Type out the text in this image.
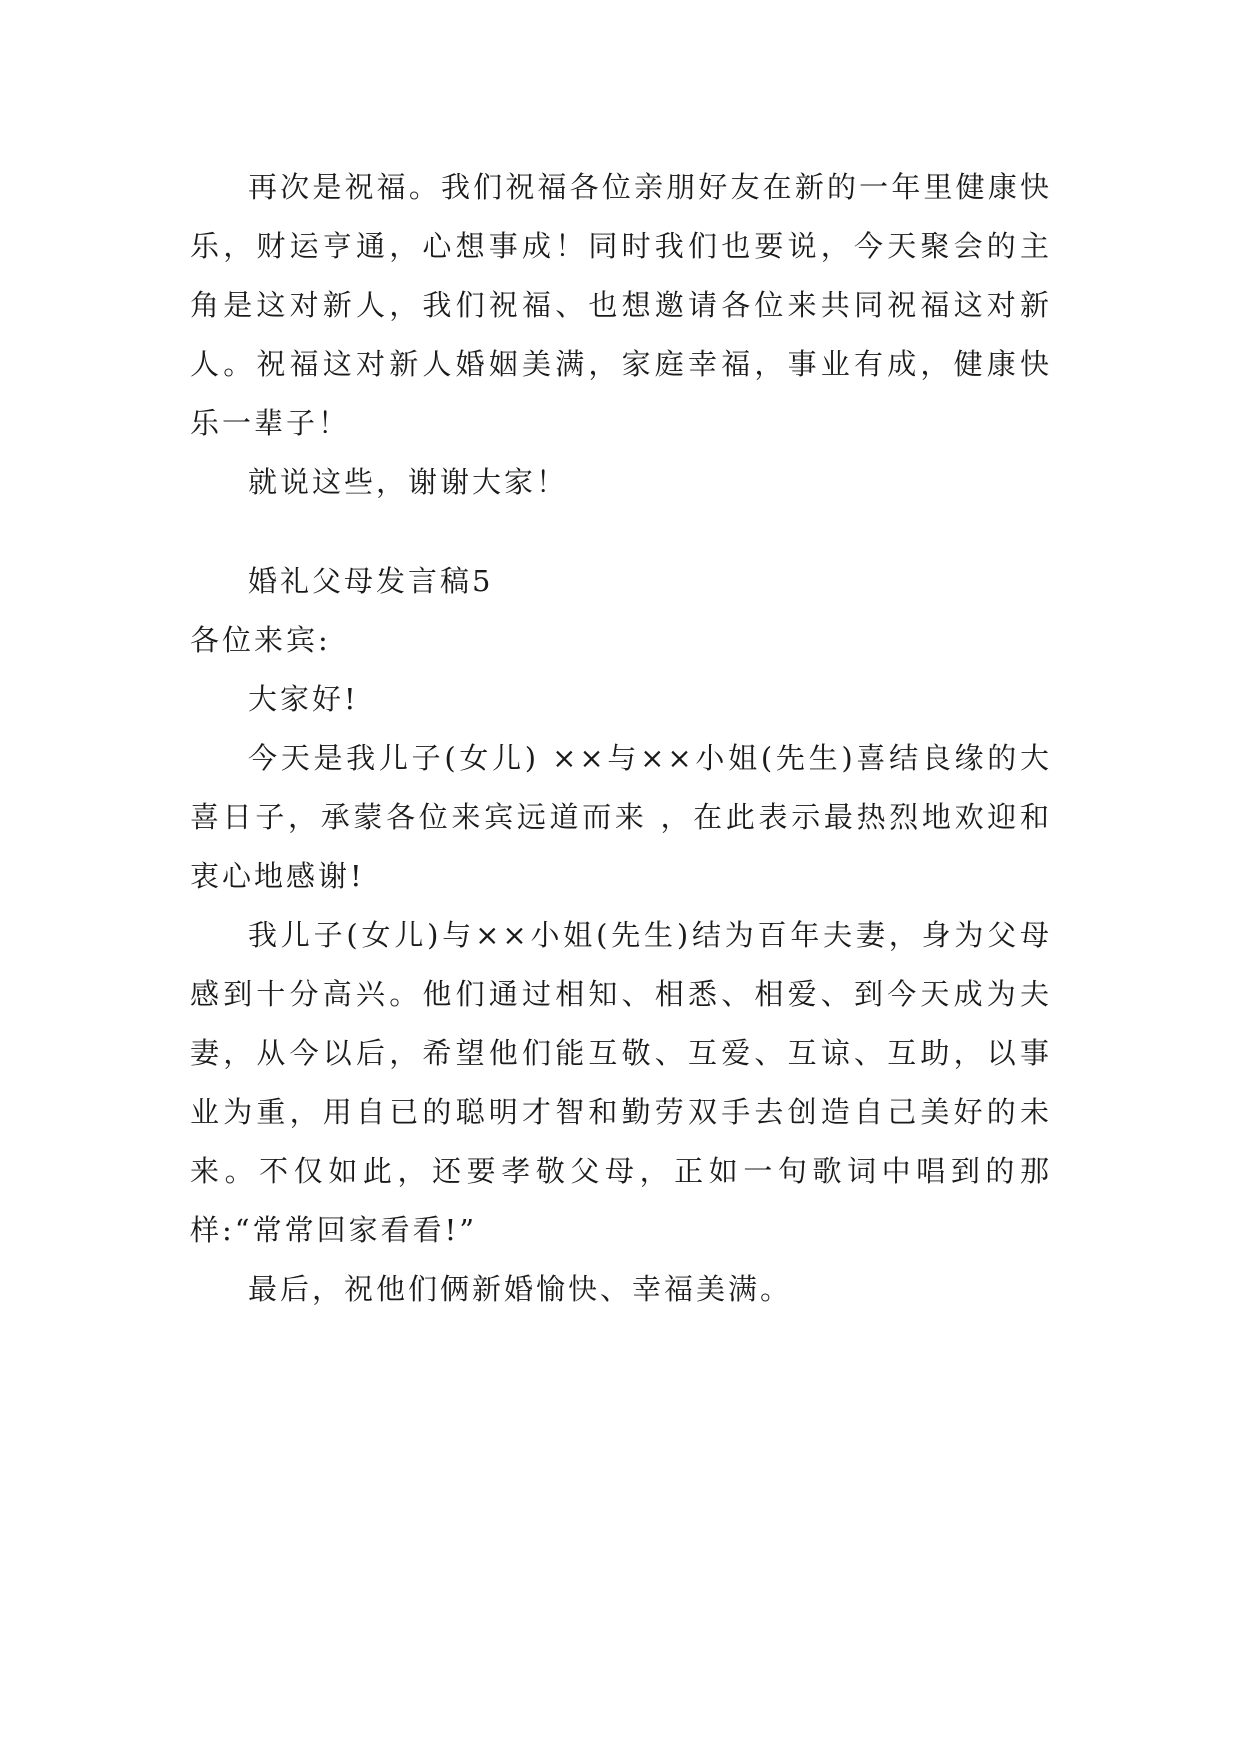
再次是祝福。我们祝福各位亲朋好友在新的一年里健康快乐，财运亨通，心想事成！同时我们也要说，今天聚会的主角是这对新人，我们祝福、也想邀请各位来共同祝福这对新人。祝福这对新人婚姻美满，家庭幸福，事业有成，健康快乐一辈子！

就说这些，谢谢大家！

婚礼父母发言稿5

各位来宾:

大家好!

今天是我儿子(女儿) ××与××小姐(先生)喜结良缘的大喜日子，承蒙各位来宾远道而来 ，在此表示最热烈地欢迎和衷心地感谢!

我儿子(女儿)与××小姐(先生)结为百年夫妻，身为父母感到十分高兴。他们通过相知、相悉、相爱、到今天成为夫妻，从今以后，希望他们能互敬、互爱、互谅、互助，以事业为重，用自已的聪明才智和勤劳双手去创造自己美好的未来。不仅如此，还要孝敬父母，正如一句歌词中唱到的那样:“常常回家看看!”

最后，祝他们俩新婚愉快、幸福美满。
